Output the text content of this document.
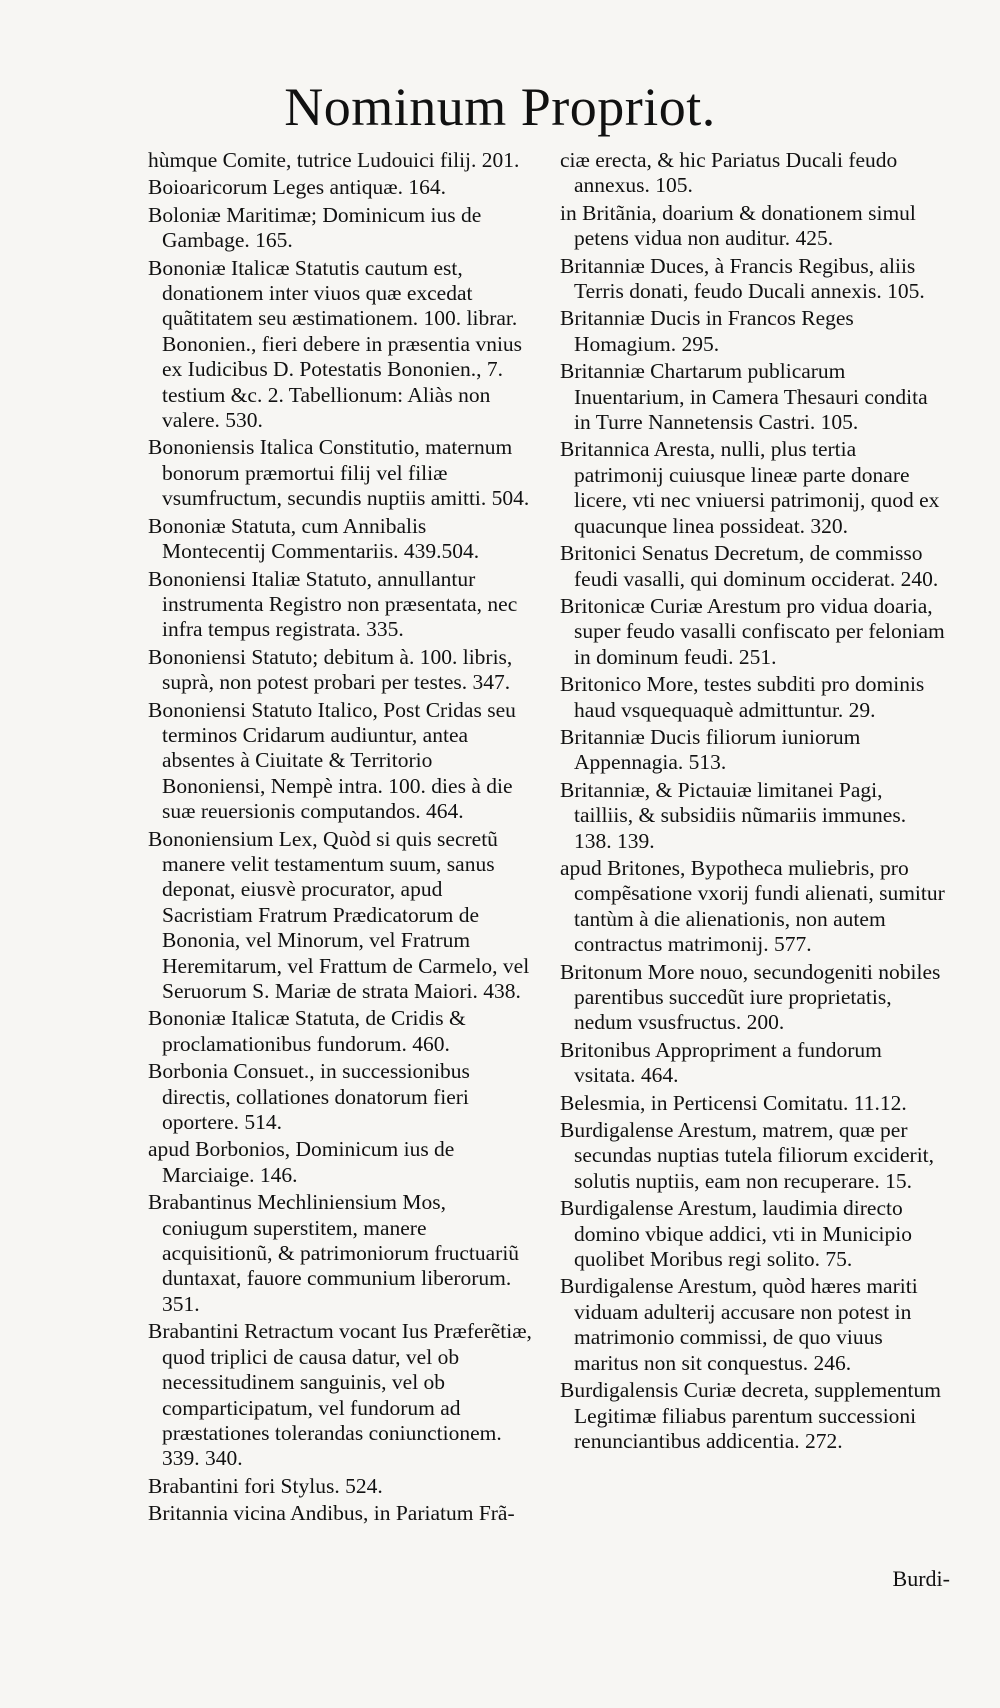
Nominum Propriot.

hùmque Comite, tutrice Ludouici filij. 201.

Boioaricorum Leges antiquæ. 164.

Boloniæ Maritimæ; Dominicum ius de Gambage. 165.

Bononiæ Italicæ Statutis cautum est, donationem inter viuos quæ excedat quãtitatem seu æstimationem. 100. librar. Bononien., fieri debere in præsentia vnius ex Iudicibus D. Potestatis Bononien., 7. testium &c. 2. Tabellionum: Aliàs non valere. 530.

Bononiensis Italica Constitutio, maternum bonorum præmortui filij vel filiæ vsumfructum, secundis nuptiis amitti. 504.

Bononiæ Statuta, cum Annibalis Montecentij Commentariis. 439.504.

Bononiensi Italiæ Statuto, annullantur instrumenta Registro non præsentata, nec infra tempus registrata. 335.

Bononiensi Statuto; debitum à. 100. libris, suprà, non potest probari per testes. 347.

Bononiensi Statuto Italico, Post Cridas seu terminos Cridarum audiuntur, antea absentes à Ciuitate & Territorio Bononiensi, Nempè intra. 100. dies à die suæ reuersionis computandos. 464.

Bononiensium Lex, Quòd si quis secretũ manere velit testamentum suum, sanus deponat, eiusvè procurator, apud Sacristiam Fratrum Prædicatorum de Bononia, vel Minorum, vel Fratrum Heremitarum, vel Frattum de Carmelo, vel Seruorum S. Mariæ de strata Maiori. 438.

Bononiæ Italicæ Statuta, de Cridis & proclamationibus fundorum. 460.

Borbonia Consuet., in successionibus directis, collationes donatorum fieri oportere. 514.

apud Borbonios, Dominicum ius de Marciaige. 146.

Brabantinus Mechliniensium Mos, coniugum superstitem, manere acquisitionũ, & patrimoniorum fructuariũ duntaxat, fauore communium liberorum. 351.

Brabantini Retractum vocant Ius Præferẽtiæ, quod triplici de causa datur, vel ob necessitudinem sanguinis, vel ob comparticipatum, vel fundorum ad præstationes tolerandas coniunctionem. 339. 340.

Brabantini fori Stylus. 524.

Britannia vicina Andibus, in Pariatum Frã-

ciæ erecta, & hic Pariatus Ducali feudo annexus. 105.

in Britãnia, doarium & donationem simul petens vidua non auditur. 425.

Britanniæ Duces, à Francis Regibus, aliis Terris donati, feudo Ducali annexis. 105.

Britanniæ Ducis in Francos Reges Homagium. 295.

Britanniæ Chartarum publicarum Inuentarium, in Camera Thesauri condita in Turre Nannetensis Castri. 105.

Britannica Aresta, nulli, plus tertia patrimonij cuiusque lineæ parte donare licere, vti nec vniuersi patrimonij, quod ex quacunque linea possideat. 320.

Britonici Senatus Decretum, de commisso feudi vasalli, qui dominum occiderat. 240.

Britonicæ Curiæ Arestum pro vidua doaria, super feudo vasalli confiscato per feloniam in dominum feudi. 251.

Britonico More, testes subditi pro dominis haud vsquequaquè admittuntur. 29.

Britanniæ Ducis filiorum iuniorum Appennagia. 513.

Britanniæ, & Pictauiæ limitanei Pagi, tailliis, & subsidiis nũmariis immunes. 138. 139.

apud Britones, Bypotheca muliebris, pro compẽsatione vxorij fundi alienati, sumitur tantùm à die alienationis, non autem contractus matrimonij. 577.

Britonum More nouo, secundogeniti nobiles parentibus succedũt iure proprietatis, nedum vsusfructus. 200.

Britonibus Appropriment a fundorum vsitata. 464.

Belesmia, in Perticensi Comitatu. 11.12.

Burdigalense Arestum, matrem, quæ per secundas nuptias tutela filiorum exciderit, solutis nuptiis, eam non recuperare. 15.

Burdigalense Arestum, laudimia directo domino vbique addici, vti in Municipio quolibet Moribus regi solito. 75.

Burdigalense Arestum, quòd hæres mariti viduam adulterij accusare non potest in matrimonio commissi, de quo viuus maritus non sit conquestus. 246.

Burdigalensis Curiæ decreta, supplementum Legitimæ filiabus parentum successioni renunciantibus addicentia. 272.

Burdi-
